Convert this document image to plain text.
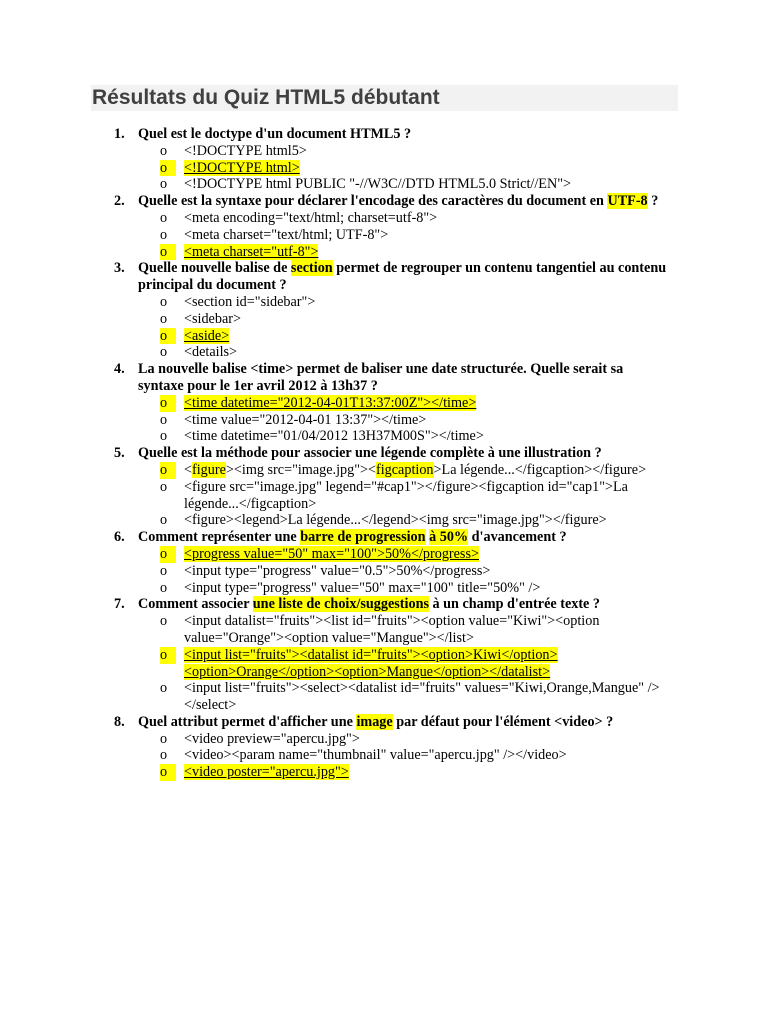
Résultats du Quiz HTML5 débutant
1. Quel est le doctype d'un document HTML5 ?
o <!DOCTYPE html5>
o	<!DOCTYPE html>
o <!DOCTYPE html PUBLIC "-//W3C//DTD HTML5.0 Strict//EN">
2. Quelle est la syntaxe pour déclarer l'encodage des caractères du document en UTF-8 ?
o <meta encoding="text/html; charset=utf-8">
o <meta charset="text/html; UTF-8">
o	<meta charset="utf-8">
3. Quelle nouvelle balise de section permet de regrouper un contenu tangentiel au contenu principal du document ?
o <section id="sidebar">
o <sidebar>
o	<aside>
o <details>
4. La nouvelle balise <time> permet de baliser une date structurée. Quelle serait sa syntaxe pour le 1er avril 2012 à 13h37 ?
o	<time datetime="2012-04-01T13:37:00Z"></time>
o <time value="2012-04-01 13:37"></time>
o <time datetime="01/04/2012 13H37M00S"></time>
5. Quelle est la méthode pour associer une légende complète à une illustration ?
o	<figure><img src="image.jpg"><figcaption>La légende...</figcaption></figure>
o <figure src="image.jpg" legend="#cap1"></figure><figcaption id="cap1">La légende...</figcaption>
o <figure><legend>La légende...</legend><img src="image.jpg"></figure>
6. Comment représenter une barre de progression à 50% d'avancement ?
o	<progress value="50" max="100">50%</progress>
o <input type="progress" value="0.5">50%</progress>
o <input type="progress" value="50" max="100" title="50%" />
7. Comment associer une liste de choix/suggestions à un champ d'entrée texte ?
o <input datalist="fruits"><list id="fruits"><option value="Kiwi"><option value="Orange"><option value="Mangue"></list>
o	<input list="fruits"><datalist id="fruits"><option>Kiwi</option><option>Orange</option><option>Mangue</option></datalist>
o <input list="fruits"><select><datalist id="fruits" values="Kiwi,Orange,Mangue" /></select>
8. Quel attribut permet d'afficher une image par défaut pour l'élément <video> ?
o <video preview="apercu.jpg">
o <video><param name="thumbnail" value="apercu.jpg" /></video>
o	<video poster="apercu.jpg">
